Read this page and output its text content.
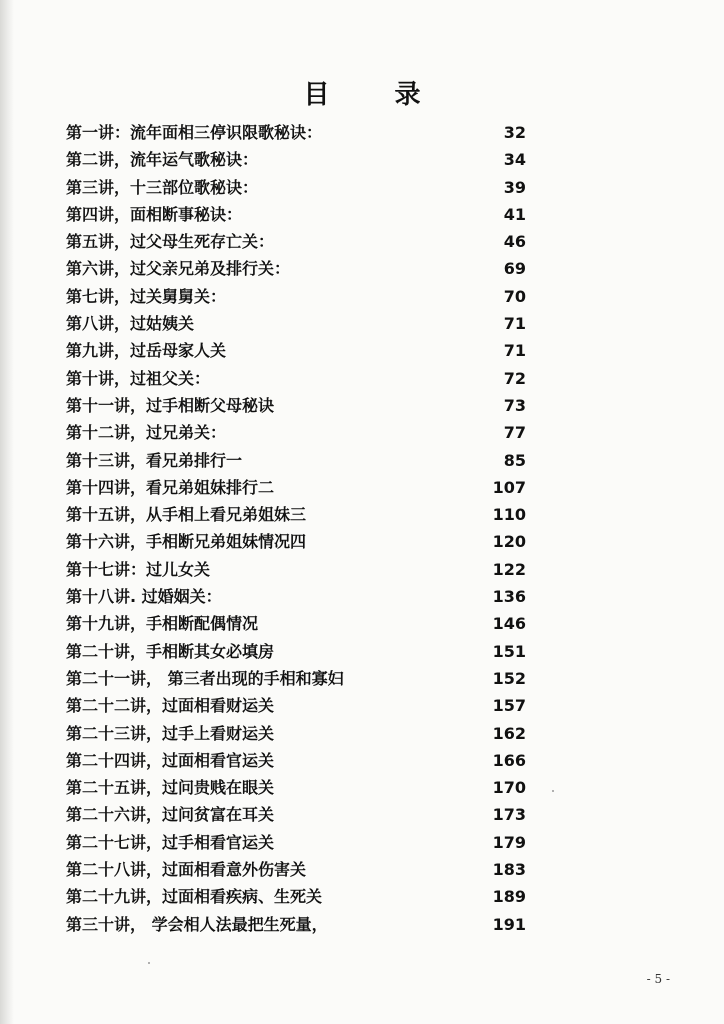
目 录
第一讲：流年面相三停识限歌秘诀：	32
第二讲，流年运气歌秘诀：	34
第三讲，十三部位歌秘诀：	39
第四讲，面相断事秘诀：	41
第五讲，过父母生死存亡关：	46
第六讲，过父亲兄弟及排行关：	69
第七讲，过关舅舅关：	70
第八讲，过姑姨关	71
第九讲，过岳母家人关	71
第十讲，过祖父关：	72
第十一讲，过手相断父母秘诀	73
第十二讲，过兄弟关：	77
第十三讲，看兄弟排行一	85
第十四讲，看兄弟姐妹排行二	107
第十五讲，从手相上看兄弟姐妹三	110
第十六讲，手相断兄弟姐妹情况四	120
第十七讲：过儿女关	122
第十八讲. 过婚姻关：	136
第十九讲，手相断配偶情况	146
第二十讲，手相断其女必填房	151
第二十一讲， 第三者出现的手相和寡妇	152
第二十二讲，过面相看财运关	157
第二十三讲，过手上看财运关	162
第二十四讲，过面相看官运关	166
第二十五讲，过问贵贱在眼关	170
第二十六讲，过问贫富在耳关	173
第二十七讲，过手相看官运关	179
第二十八讲，过面相看意外伤害关	183
第二十九讲，过面相看疾病、生死关	189
第三十讲， 学会相人法最把生死量，	191
- 5 -
